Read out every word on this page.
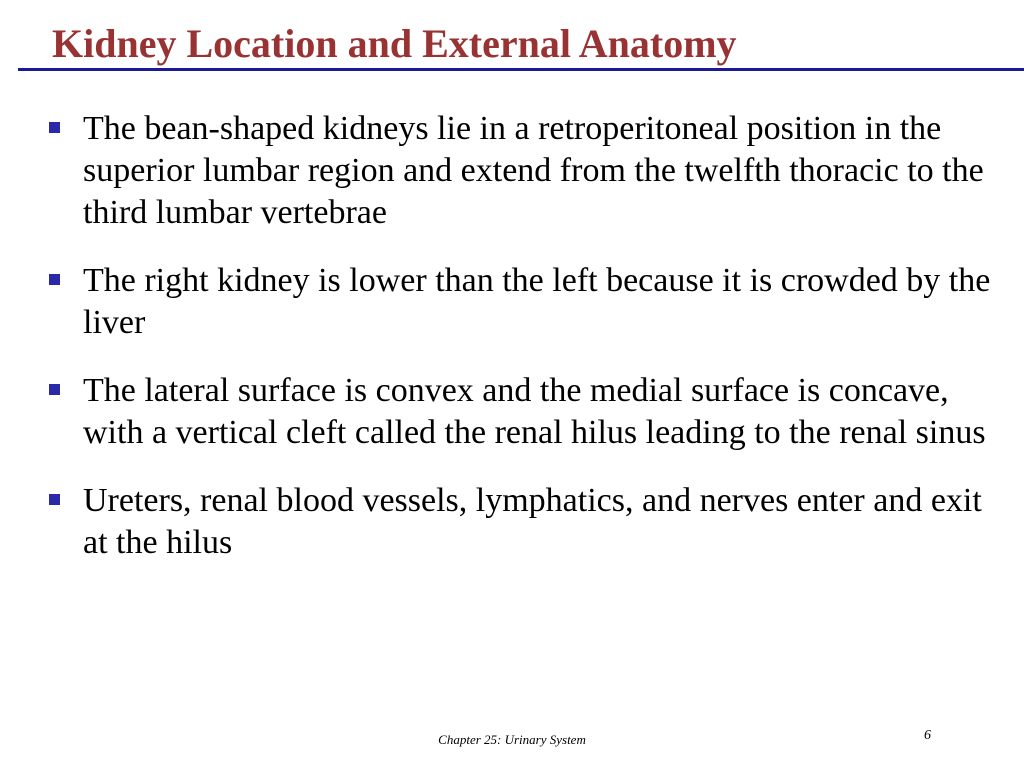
Kidney Location and External Anatomy
The bean-shaped kidneys lie in a retroperitoneal position in the superior lumbar region and extend from the twelfth thoracic to the third lumbar vertebrae
The right kidney is lower than the left because it is crowded by the liver
The lateral surface is convex and the medial surface is concave, with a vertical cleft called the renal hilus leading to the renal sinus
Ureters, renal blood vessels, lymphatics, and nerves enter and exit at the hilus
Chapter 25: Urinary System	6
